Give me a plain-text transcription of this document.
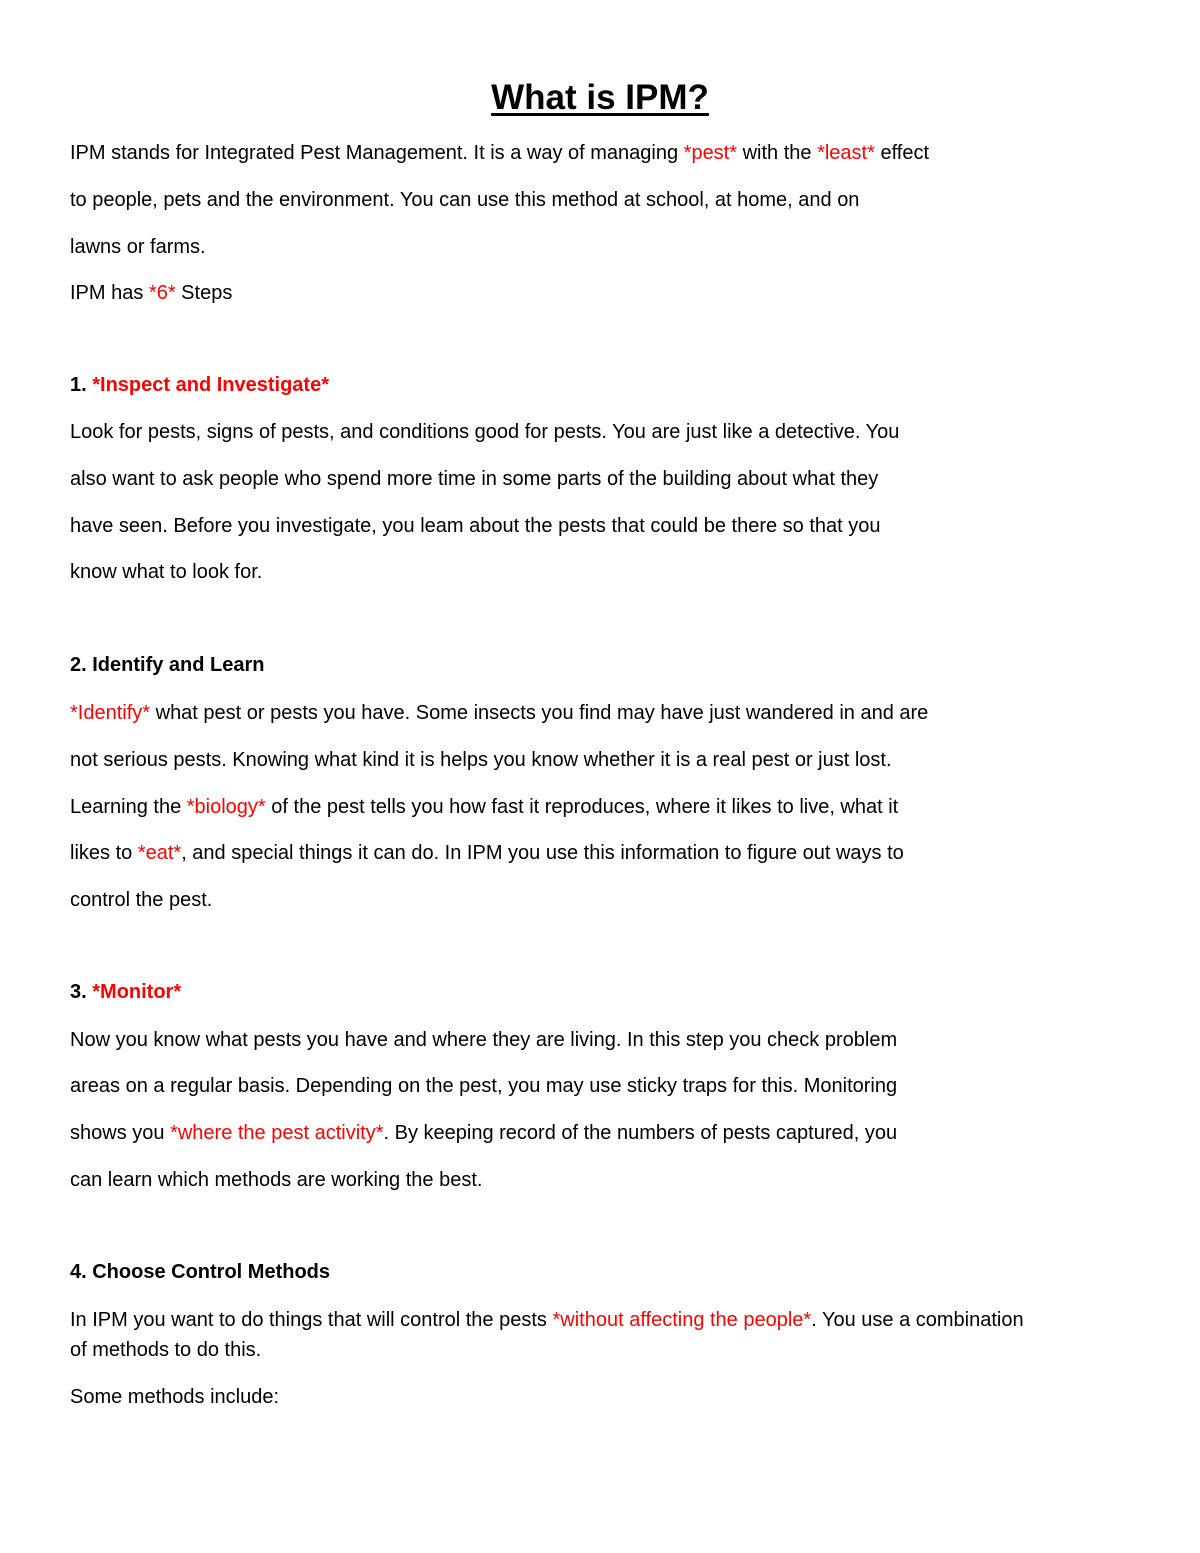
What is IPM?

IPM stands for Integrated Pest Management. It is a way of managing *pest* with the *least* effect

to people, pets and the environment. You can use this method at school, at home, and on

lawns or farms.

IPM has *6* Steps

1. *Inspect and Investigate*

Look for pests, signs of pests, and conditions good for pests. You are just like a detective. You

also want to ask people who spend more time in some parts of the building about what they

have seen. Before you investigate, you leam about the pests that could be there so that you

know what to look for.

2. Identify and Learn

*Identify* what pest or pests you have. Some insects you find may have just wandered in and are

not serious pests. Knowing what kind it is helps you know whether it is a real pest or just lost.

Learning the *biology* of the pest tells you how fast it reproduces, where it likes to live, what it

likes to *eat*, and special things it can do. In IPM you use this information to figure out ways to

control the pest.

3. *Monitor*

Now you know what pests you have and where they are living. In this step you check problem

areas on a regular basis. Depending on the pest, you may use sticky traps for this. Monitoring

shows you *where the pest activity*. By keeping record of the numbers of pests captured, you

can learn which methods are working the best.

4. Choose Control Methods

In IPM you want to do things that will control the pests *without affecting the people*. You use a combination

of methods to do this.

Some methods include:
